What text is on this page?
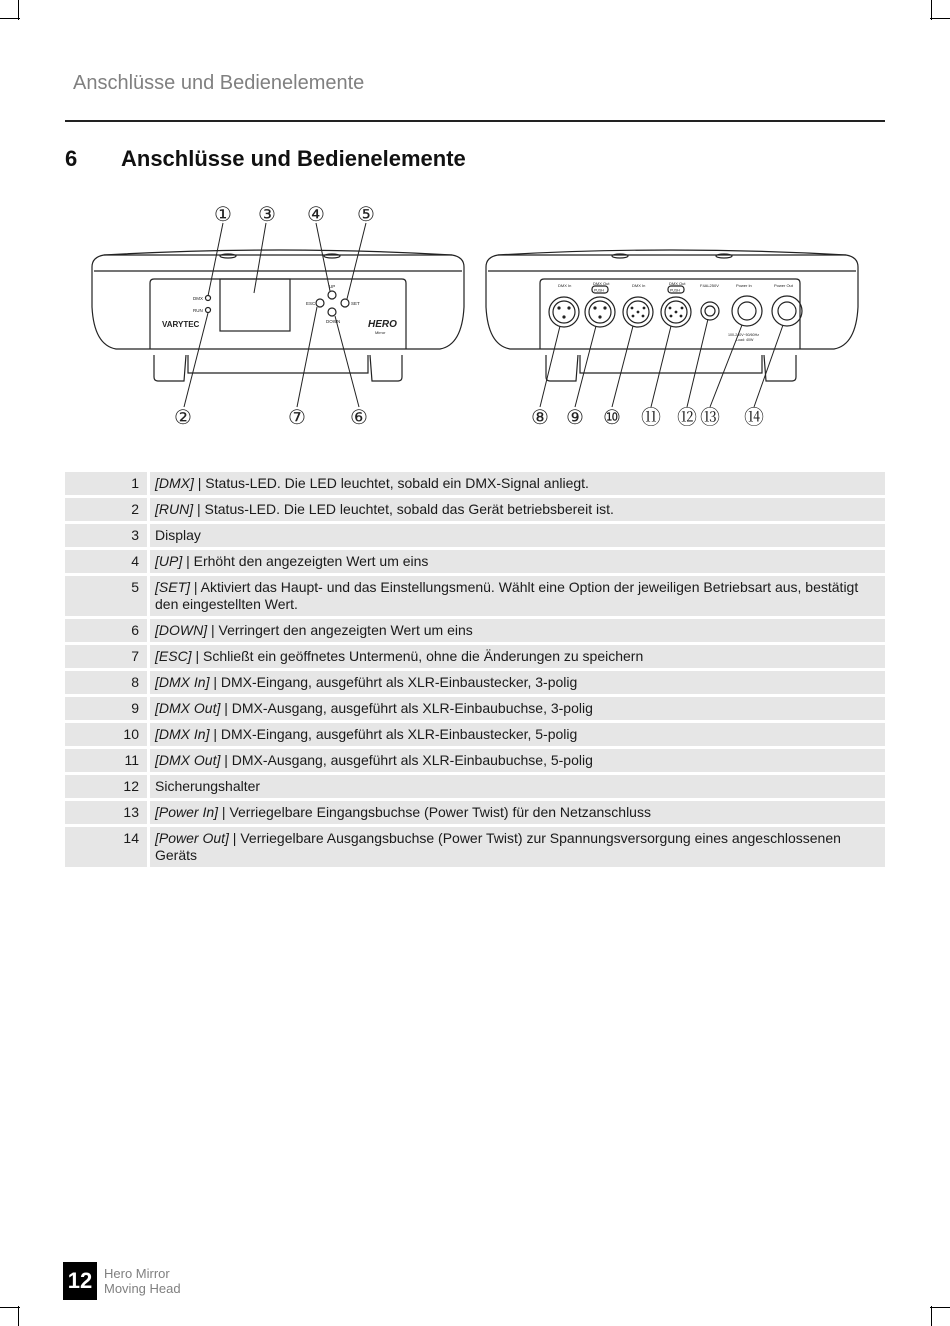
Anschlüsse und Bedienelemente
6 Anschlüsse und Bedienelemente
DMX
RUN
UP
ESC	SET
DOWN
VARYTEC	HERO
Mirror
DMX In	DMX Out
PUSH
DMX In	DMX Out
PUSH
F4AL250V	Power In	Power Out
100-240V~50/60Hz
Load: 40W
① ③ ④ ⑤
②	⑦ ⑥	⑧ ⑨ ⑩ ⑪ ⑫ ⑬ ⑭
1	[DMX] | Status-LED. Die LED leuchtet, sobald ein DMX-Signal anliegt.
2	[RUN] | Status-LED. Die LED leuchtet, sobald das Gerät betriebsbereit ist.
3	Display
4	[UP] | Erhöht den angezeigten Wert um eins
5	[SET] | Aktiviert das Haupt- und das Einstellungsmenü. Wählt eine Option der jeweiligen Betriebsart aus, bestätigt den eingestellten Wert.
6	[DOWN] | Verringert den angezeigten Wert um eins
7	[ESC] | Schließt ein geöffnetes Untermenü, ohne die Änderungen zu speichern
8	[DMX In] | DMX-Eingang, ausgeführt als XLR-Einbaustecker, 3-polig
9	[DMX Out] | DMX-Ausgang, ausgeführt als XLR-Einbaubuchse, 3-polig
10	[DMX In] | DMX-Eingang, ausgeführt als XLR-Einbaustecker, 5-polig
11	[DMX Out] | DMX-Ausgang, ausgeführt als XLR-Einbaubuchse, 5-polig
12	Sicherungshalter
13	[Power In] | Verriegelbare Eingangsbuchse (Power Twist) für den Netzanschluss
14	[Power Out] | Verriegelbare Ausgangsbuchse (Power Twist) zur Spannungsversorgung eines angeschlossenen Geräts
12 Hero Mirror
Moving Head
